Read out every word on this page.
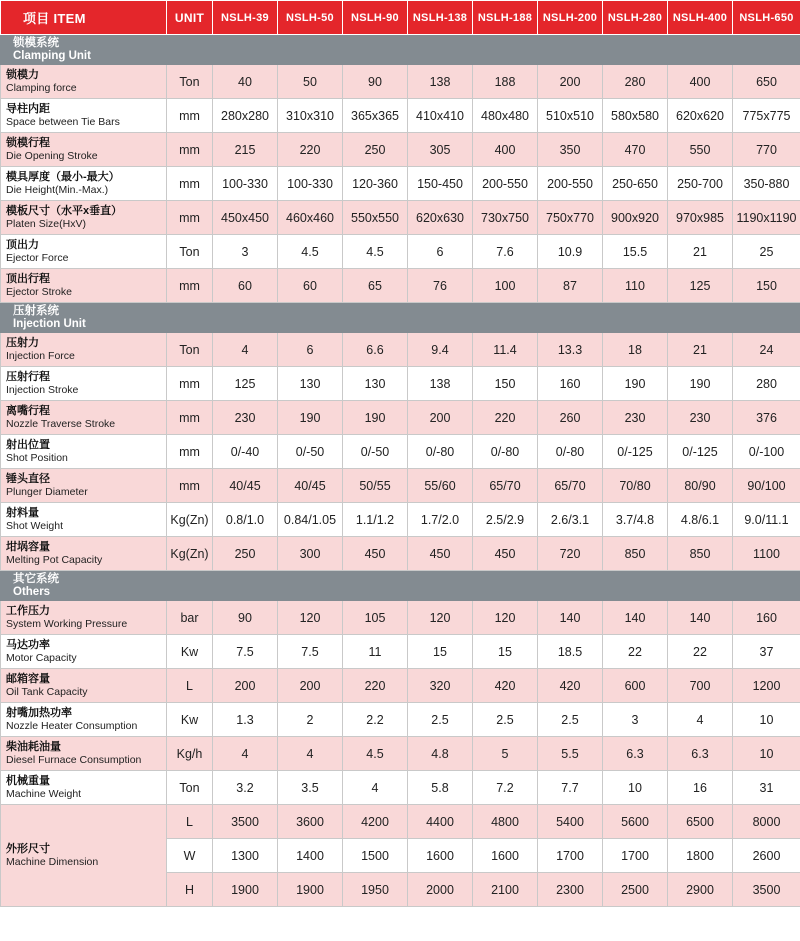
项目 ITEM	UNIT	NSLH-39	NSLH-50	NSLH-90	NSLH-138	NSLH-188	NSLH-200	NSLH-280	NSLH-400	NSLH-650

锁模系统
Clamping Unit										

锁模力
Clamping force	Ton	40	50	90	138	188	200	280	400	650

导柱内距
Space between Tie Bars	mm	280x280	310x310	365x365	410x410	480x480	510x510	580x580	620x620	775x775

锁模行程
Die Opening Stroke	mm	215	220	250	305	400	350	470	550	770

模具厚度（最小-最大）
Die Height(Min.-Max.)	mm	100-330	100-330	120-360	150-450	200-550	200-550	250-650	250-700	350-880

模板尺寸（水平x垂直）
Platen Size(HxV)	mm	450x450	460x460	550x550	620x630	730x750	750x770	900x920	970x985	1190x1190

顶出力
Ejector Force	Ton	3	4.5	4.5	6	7.6	10.9	15.5	21	25

顶出行程
Ejector Stroke	mm	60	60	65	76	100	87	110	125	150

压射系统
Injection Unit										

压射力
Injection Force	Ton	4	6	6.6	9.4	11.4	13.3	18	21	24

压射行程
Injection Stroke	mm	125	130	130	138	150	160	190	190	280

离嘴行程
Nozzle Traverse Stroke	mm	230	190	190	200	220	260	230	230	376

射出位置
Shot Position	mm	0/-40	0/-50	0/-50	0/-80	0/-80	0/-80	0/-125	0/-125	0/-100

锤头直径
Plunger Diameter	mm	40/45	40/45	50/55	55/60	65/70	65/70	70/80	80/90	90/100

射料量
Shot Weight	Kg(Zn)	0.8/1.0	0.84/1.05	1.1/1.2	1.7/2.0	2.5/2.9	2.6/3.1	3.7/4.8	4.8/6.1	9.0/11.1

坩埚容量
Melting Pot Capacity	Kg(Zn)	250	300	450	450	450	720	850	850	1100

其它系统
Others										

工作压力
System Working Pressure	bar	90	120	105	120	120	140	140	140	160

马达功率
Motor Capacity	Kw	7.5	7.5	11	15	15	18.5	22	22	37

邮箱容量
Oil Tank Capacity	L	200	200	220	320	420	420	600	700	1200

射嘴加热功率
Nozzle Heater Consumption	Kw	1.3	2	2.2	2.5	2.5	2.5	3	4	10

柴油耗油量
Diesel Furnace Consumption	Kg/h	4	4	4.5	4.8	5	5.5	6.3	6.3	10

机械重量
Machine Weight	Ton	3.2	3.5	4	5.8	7.2	7.7	10	16	31

外形尺寸
Machine Dimension	L	3500	3600	4200	4400	4800	5400	5600	6500	8000
	W	1300	1400	1500	1600	1600	1700	1700	1800	2600
	H	1900	1900	1950	2000	2100	2300	2500	2900	3500
